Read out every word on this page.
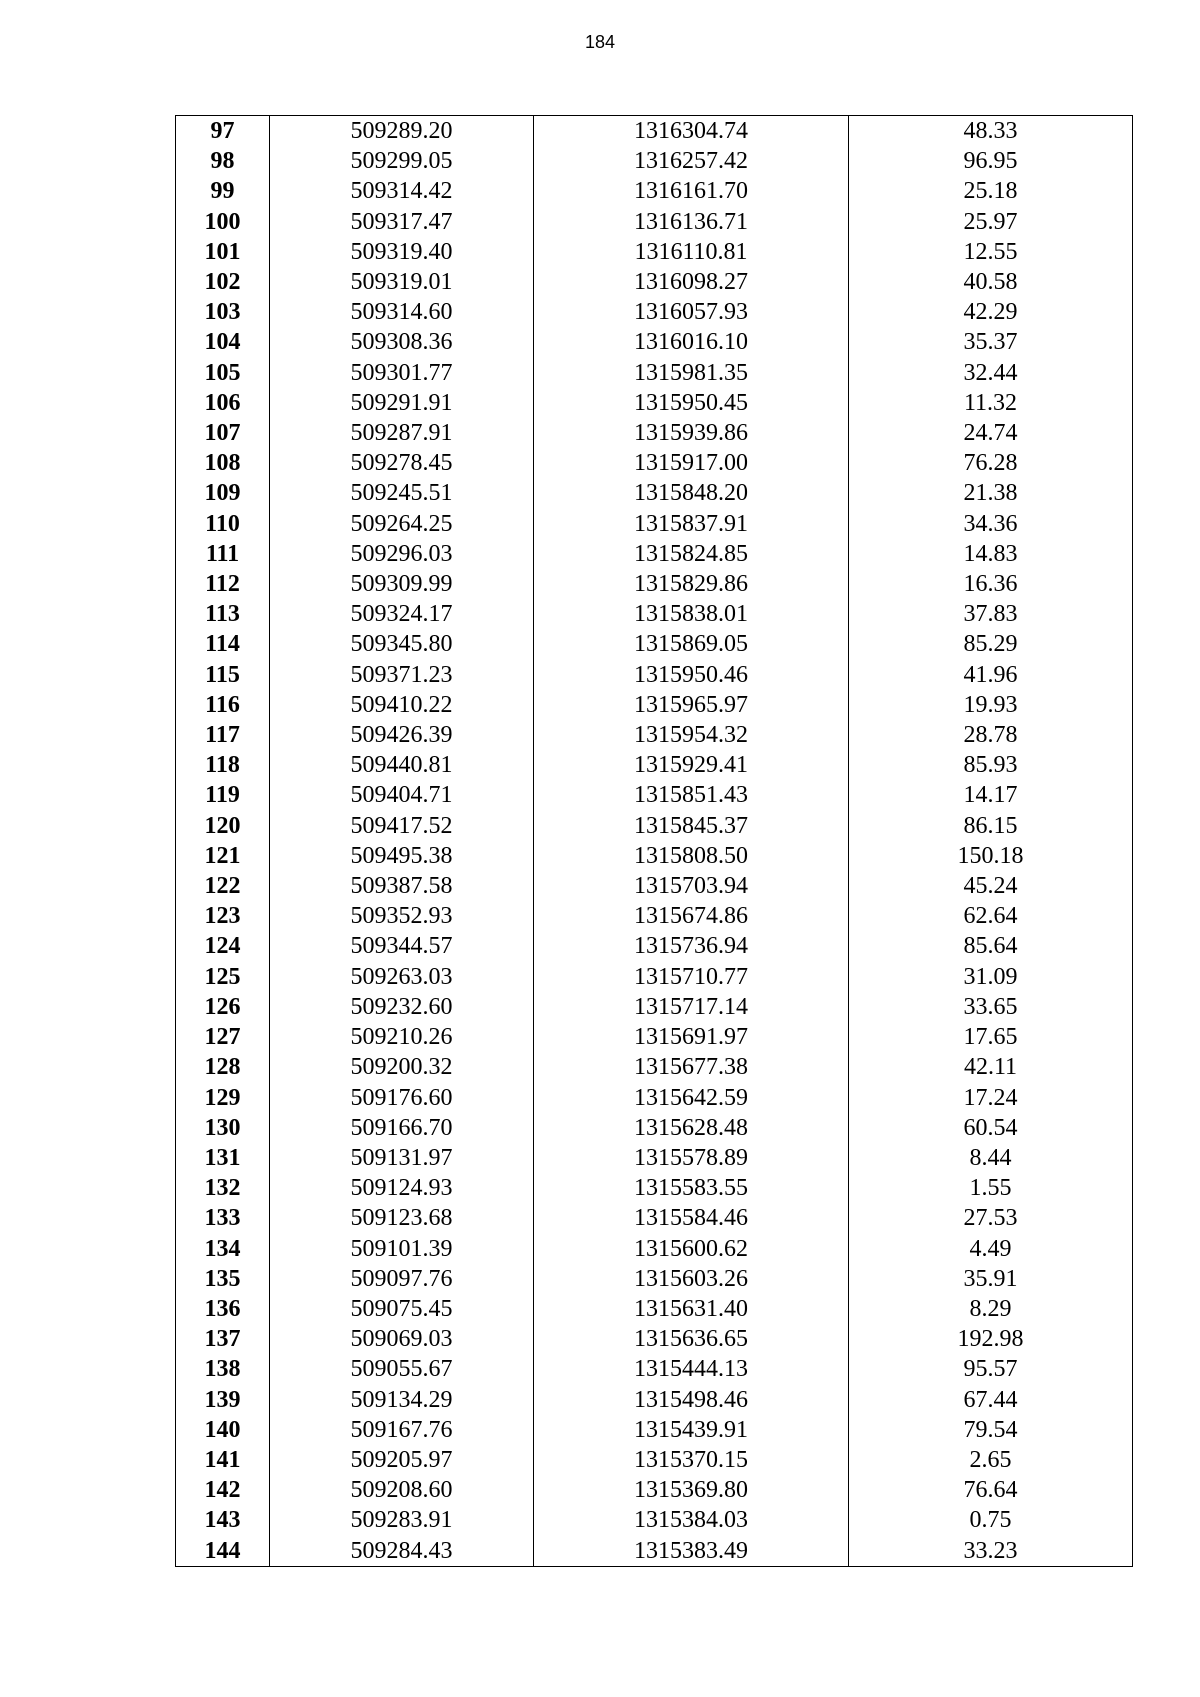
184
97	509289.20	1316304.74	48.33
98	509299.05	1316257.42	96.95
99	509314.42	1316161.70	25.18
100	509317.47	1316136.71	25.97
101	509319.40	1316110.81	12.55
102	509319.01	1316098.27	40.58
103	509314.60	1316057.93	42.29
104	509308.36	1316016.10	35.37
105	509301.77	1315981.35	32.44
106	509291.91	1315950.45	11.32
107	509287.91	1315939.86	24.74
108	509278.45	1315917.00	76.28
109	509245.51	1315848.20	21.38
110	509264.25	1315837.91	34.36
111	509296.03	1315824.85	14.83
112	509309.99	1315829.86	16.36
113	509324.17	1315838.01	37.83
114	509345.80	1315869.05	85.29
115	509371.23	1315950.46	41.96
116	509410.22	1315965.97	19.93
117	509426.39	1315954.32	28.78
118	509440.81	1315929.41	85.93
119	509404.71	1315851.43	14.17
120	509417.52	1315845.37	86.15
121	509495.38	1315808.50	150.18
122	509387.58	1315703.94	45.24
123	509352.93	1315674.86	62.64
124	509344.57	1315736.94	85.64
125	509263.03	1315710.77	31.09
126	509232.60	1315717.14	33.65
127	509210.26	1315691.97	17.65
128	509200.32	1315677.38	42.11
129	509176.60	1315642.59	17.24
130	509166.70	1315628.48	60.54
131	509131.97	1315578.89	8.44
132	509124.93	1315583.55	1.55
133	509123.68	1315584.46	27.53
134	509101.39	1315600.62	4.49
135	509097.76	1315603.26	35.91
136	509075.45	1315631.40	8.29
137	509069.03	1315636.65	192.98
138	509055.67	1315444.13	95.57
139	509134.29	1315498.46	67.44
140	509167.76	1315439.91	79.54
141	509205.97	1315370.15	2.65
142	509208.60	1315369.80	76.64
143	509283.91	1315384.03	0.75
144	509284.43	1315383.49	33.23
